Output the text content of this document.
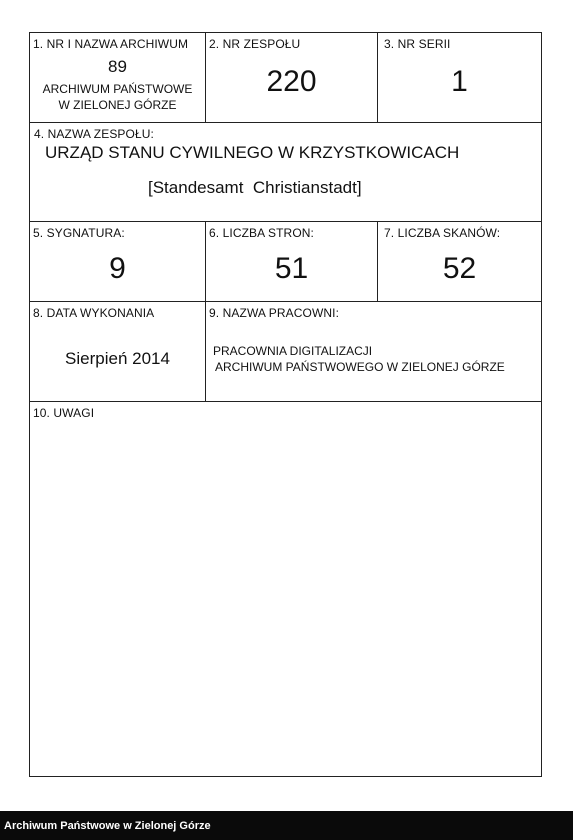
1. NR I NAZWA ARCHIWUM
89
ARCHIWUM PAŃSTWOWE
W ZIELONEJ GÓRZE
2. NR ZESPOŁU
220
3. NR SERII
1
4. NAZWA ZESPOŁU:
URZĄD STANU CYWILNEGO W KRZYSTKOWICACH
[Standesamt  Christianstadt]
5. SYGNATURA:
9
6. LICZBA STRON:
51
7. LICZBA SKANÓW:
52
8. DATA WYKONANIA
Sierpień 2014
9. NAZWA PRACOWNI:
PRACOWNIA DIGITALIZACJI
ARCHIWUM PAŃSTWOWEGO W ZIELONEJ GÓRZE
10. UWAGI
Archiwum Państwowe w Zielonej Górze
